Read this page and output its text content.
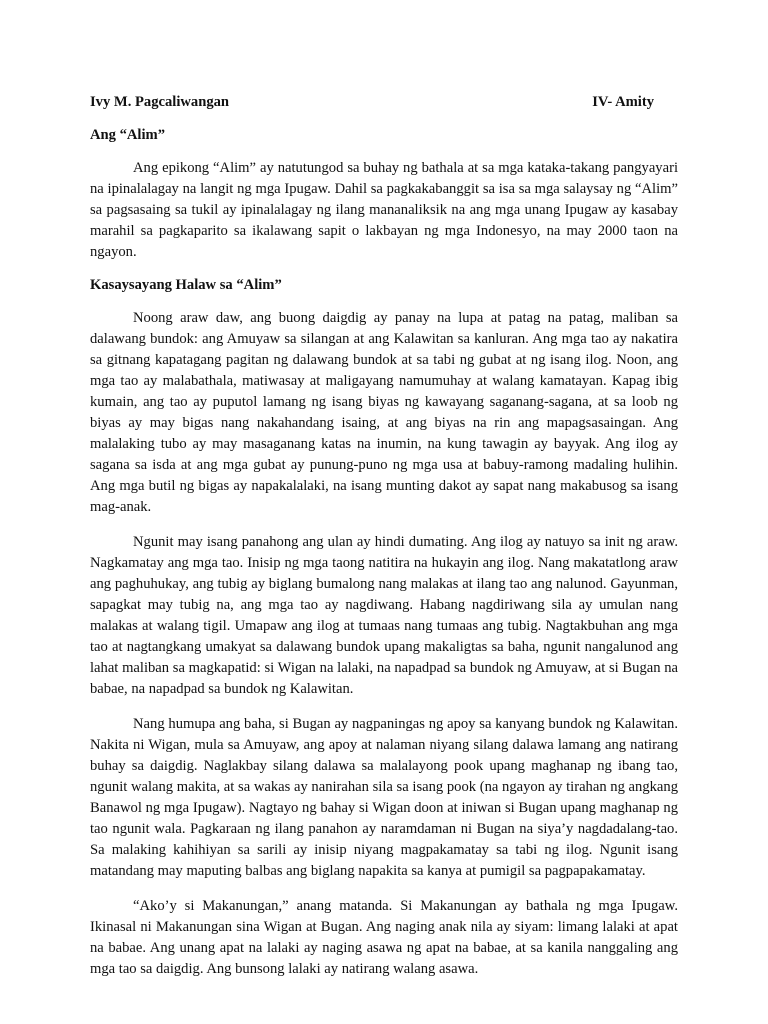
Ivy M. Pagcaliwangan	IV- Amity
Ang “Alim”

Ang epikong “Alim” ay natutungod sa buhay ng bathala at sa mga kataka-takang pangyayari na ipinalalagay na langit ng mga Ipugaw. Dahil sa pagkakabanggit sa isa sa mga salaysay ng “Alim” sa pagsasaing sa tukil ay ipinalalagay ng ilang mananaliksik na ang mga unang Ipugaw ay kasabay marahil sa pagkaparito sa ikalawang sapit o lakbayan ng mga Indonesyo, na may 2000 taon na ngayon.

Kasaysayang Halaw sa “Alim”

Noong araw daw, ang buong daigdig ay panay na lupa at patag na patag, maliban sa dalawang bundok: ang Amuyaw sa silangan at ang Kalawitan sa kanluran. Ang mga tao ay nakatira sa gitnang kapatagang pagitan ng dalawang bundok at sa tabi ng gubat at ng isang ilog. Noon, ang mga tao ay malabathala, matiwasay at maligayang namumuhay at walang kamatayan. Kapag ibig kumain, ang tao ay puputol lamang ng isang biyas ng kawayang saganang-sagana, at sa loob ng biyas ay may bigas nang nakahandang isaing, at ang biyas na rin ang mapagsasaingan. Ang malalaking tubo ay may masaganang katas na inumin, na kung tawagin ay bayyak. Ang ilog ay sagana sa isda at ang mga gubat ay punung-puno ng mga usa at babuy-ramong madaling hulihin. Ang mga butil ng bigas ay napakalalaki, na isang munting dakot ay sapat nang makabusog sa isang mag-anak.

Ngunit may isang panahong ang ulan ay hindi dumating. Ang ilog ay natuyo sa init ng araw. Nagkamatay ang mga tao. Inisip ng mga taong natitira na hukayin ang ilog. Nang makatatlong araw ang paghuhukay, ang tubig ay biglang bumalong nang malakas at ilang tao ang nalunod. Gayunman, sapagkat may tubig na, ang mga tao ay nagdiwang. Habang nagdiriwang sila ay umulan nang malakas at walang tigil. Umapaw ang ilog at tumaas nang tumaas ang tubig. Nagtakbuhan ang mga tao at nagtangkang umakyat sa dalawang bundok upang makaligtas sa baha, ngunit nangalunod ang lahat maliban sa magkapatid: si Wigan na lalaki, na napadpad sa bundok ng Amuyaw, at si Bugan na babae, na napadpad sa bundok ng Kalawitan.

Nang humupa ang baha, si Bugan ay nagpaningas ng apoy sa kanyang bundok ng Kalawitan. Nakita ni Wigan, mula sa Amuyaw, ang apoy at nalaman niyang silang dalawa lamang ang natirang buhay sa daigdig. Naglakbay silang dalawa sa malalayong pook upang maghanap ng ibang tao, ngunit walang makita, at sa wakas ay nanirahan sila sa isang pook (na ngayon ay tirahan ng angkang Banawol ng mga Ipugaw). Nagtayo ng bahay si Wigan doon at iniwan si Bugan upang maghanap ng tao ngunit wala. Pagkaraan ng ilang panahon ay naramdaman ni Bugan na siya’y nagdadalang-tao. Sa malaking kahihiyan sa sarili ay inisip niyang magpakamatay sa tabi ng ilog. Ngunit isang matandang may maputing balbas ang biglang napakita sa kanya at pumigil sa pagpapakamatay.

“Ako’y si Makanungan,” anang matanda. Si Makanungan ay bathala ng mga Ipugaw. Ikinasal ni Makanungan sina Wigan at Bugan. Ang naging anak nila ay siyam: limang lalaki at apat na babae. Ang unang apat na lalaki ay naging asawa ng apat na babae, at sa kanila nanggaling ang mga tao sa daigdig. Ang bunsong lalaki ay natirang walang asawa.
